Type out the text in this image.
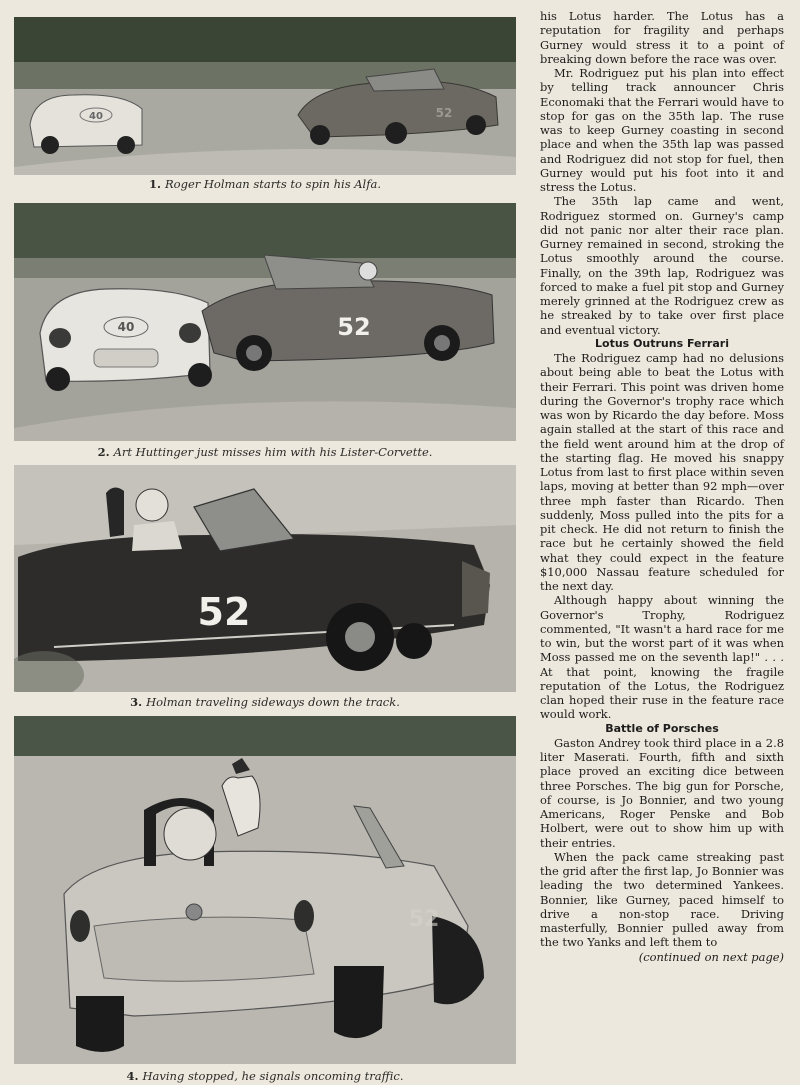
40	52
1. Roger Holman starts to spin his Alfa.
40	52
2. Art Huttinger just misses him with his Lister-Corvette.
52
3. Holman traveling sideways down the track.
52
4. Having stopped, he signals oncoming traffic.

his Lotus harder. The Lotus has a reputation for fragility and perhaps Gurney would stress it to a point of breaking down before the race was over.

Mr. Rodriguez put his plan into effect by telling track announcer Chris Economaki that the Ferrari would have to stop for gas on the 35th lap. The ruse was to keep Gurney coasting in second place and when the 35th lap was passed and Rodriguez did not stop for fuel, then Gurney would put his foot into it and stress the Lotus.

The 35th lap came and went, Rodriguez stormed on. Gurney's camp did not panic nor alter their race plan. Gurney remained in second, stroking the Lotus smoothly around the course. Finally, on the 39th lap, Rodriguez was forced to make a fuel pit stop and Gurney merely grinned at the Rodriguez crew as he streaked by to take over first place and eventual victory.

Lotus Outruns Ferrari

The Rodriguez camp had no delusions about being able to beat the Lotus with their Ferrari. This point was driven home during the Governor's trophy race which was won by Ricardo the day before. Moss again stalled at the start of this race and the field went around him at the drop of the starting flag. He moved his snappy Lotus from last to first place within seven laps, moving at better than 92 mph—over three mph faster than Ricardo. Then suddenly, Moss pulled into the pits for a pit check. He did not return to finish the race but he certainly showed the field what they could expect in the feature $10,000 Nassau feature scheduled for the next day.

Although happy about winning the Governor's Trophy, Rodriguez commented, "It wasn't a hard race for me to win, but the worst part of it was when Moss passed me on the seventh lap!" . . . At that point, knowing the fragile reputation of the Lotus, the Rodriguez clan hoped their ruse in the feature race would work.

Battle of Porsches

Gaston Andrey took third place in a 2.8 liter Maserati. Fourth, fifth and sixth place proved an exciting dice between three Porsches. The big gun for Porsche, of course, is Jo Bonnier, and two young Americans, Roger Penske and Bob Holbert, were out to show him up with their entries.

When the pack came streaking past the grid after the first lap, Jo Bonnier was leading the two determined Yankees. Bonnier, like Gurney, paced himself to drive a non-stop race. Driving masterfully, Bonnier pulled away from the two Yanks and left them to

(continued on next page)
